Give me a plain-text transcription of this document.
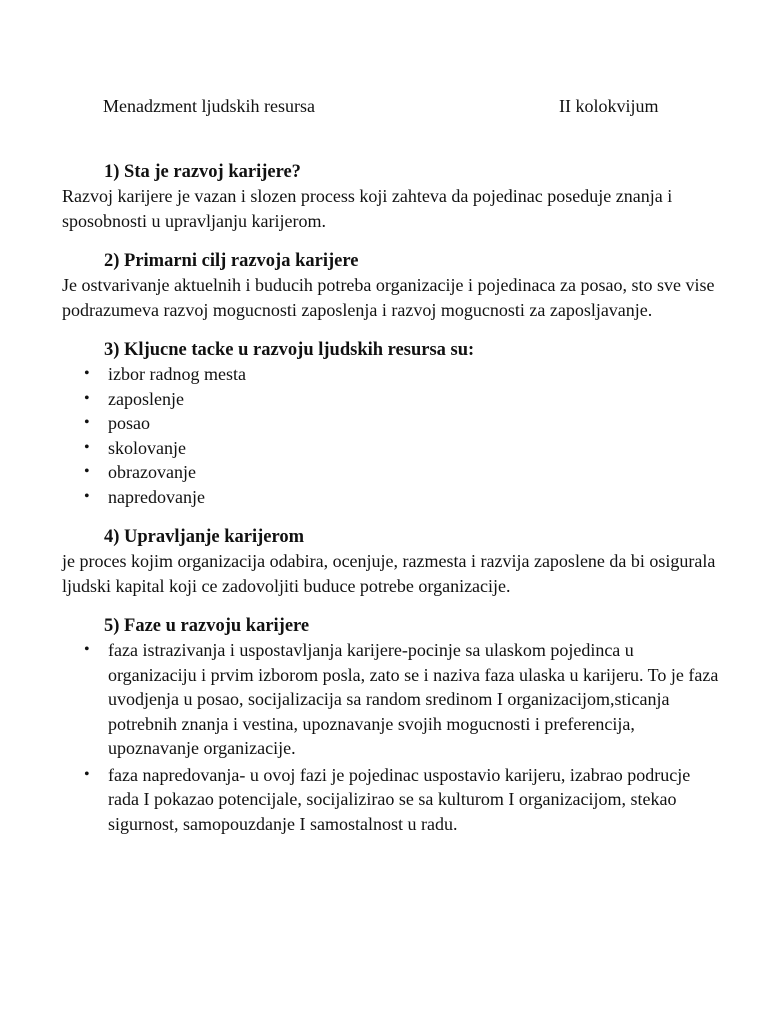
Menadzment ljudskih resursa	II kolokvijum
1) Sta je razvoj karijere?

Razvoj karijere je vazan i slozen process koji zahteva da pojedinac poseduje znanja i sposobnosti u upravljanju karijerom.

2) Primarni cilj razvoja karijere

Je ostvarivanje aktuelnih i buducih potreba organizacije i pojedinaca za posao, sto sve vise podrazumeva razvoj mogucnosti zaposlenja i razvoj mogucnosti za zaposljavanje.

3) Kljucne tacke u razvoju ljudskih resursa su:
• izbor radnog mesta
• zaposlenje
• posao
• skolovanje
• obrazovanje
• napredovanje
4) Upravljanje karijerom

je proces kojim organizacija odabira, ocenjuje, razmesta i razvija zaposlene da bi osigurala ljudski kapital koji ce zadovoljiti buduce potrebe organizacije.

5) Faze u razvoju karijere
• faza istrazivanja i uspostavljanja karijere-pocinje sa ulaskom pojedinca u organizaciju i prvim izborom posla, zato se i naziva faza ulaska u karijeru. To je faza uvodjenja u posao, socijalizacija sa random sredinom I organizacijom,sticanja potrebnih znanja i vestina, upoznavanje svojih mogucnosti i preferencija, upoznavanje organizacije.
• faza napredovanja- u ovoj fazi je pojedinac uspostavio karijeru, izabrao podrucje rada I pokazao potencijale, socijalizirao se sa kulturom I organizacijom, stekao sigurnost, samopouzdanje I samostalnost u radu.
